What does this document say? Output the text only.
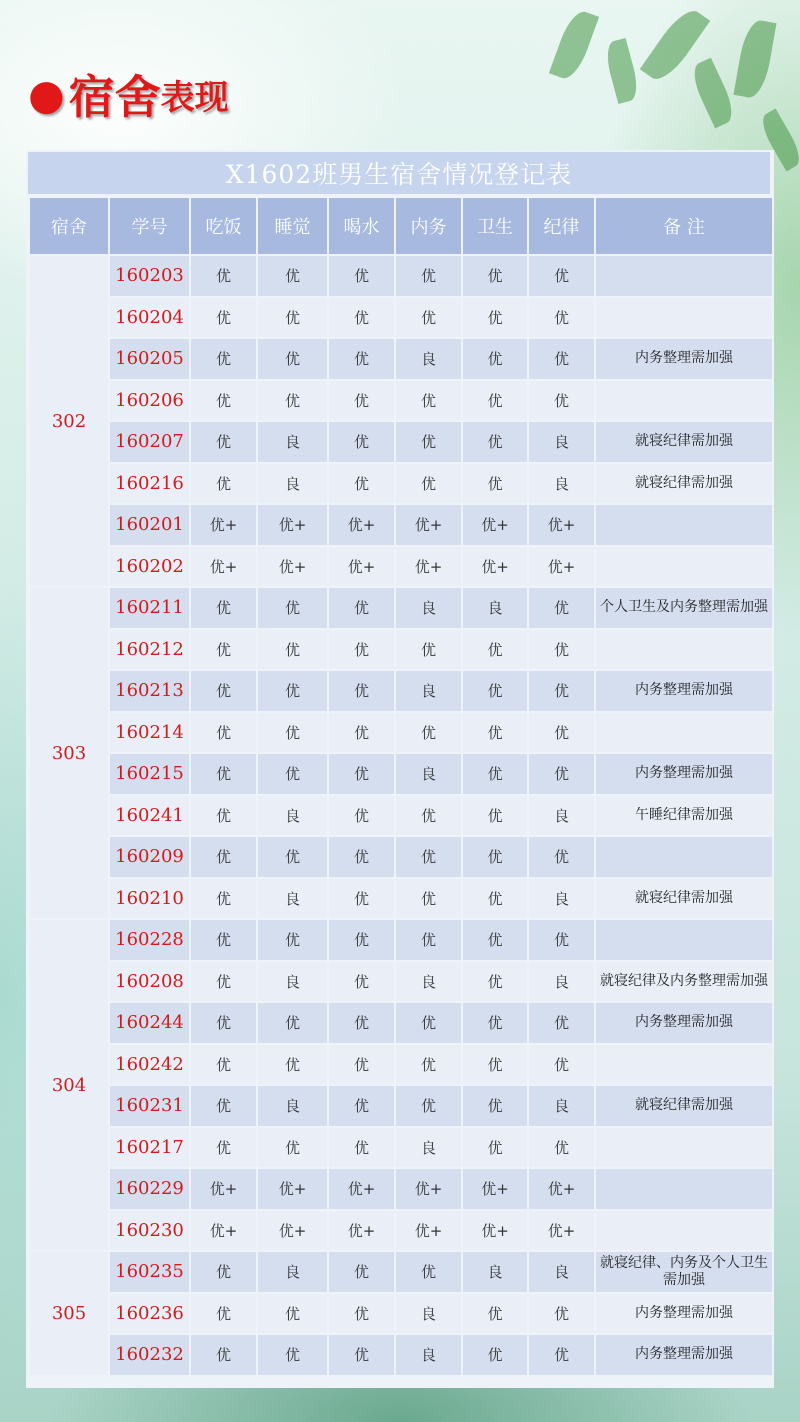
● 宿舍 表现
X1602班男生宿舍情况登记表
宿舍	学号	吃饭	睡觉	喝水	内务	卫生	纪律	备 注
302	160203	优	优	优	优	优	优	
	160204	优	优	优	优	优	优	
	160205	优	优	优	良	优	优	内务整理需加强
	160206	优	优	优	优	优	优	
	160207	优	良	优	优	优	良	就寝纪律需加强
	160216	优	良	优	优	优	良	就寝纪律需加强
	160201	优+	优+	优+	优+	优+	优+	
	160202	优+	优+	优+	优+	优+	优+	
303	160211	优	优	优	良	良	优	个人卫生及内务整理需加强
	160212	优	优	优	优	优	优	
	160213	优	优	优	良	优	优	内务整理需加强
	160214	优	优	优	优	优	优	
	160215	优	优	优	良	优	优	内务整理需加强
	160241	优	良	优	优	优	良	午睡纪律需加强
	160209	优	优	优	优	优	优	
	160210	优	良	优	优	优	良	就寝纪律需加强
304	160228	优	优	优	优	优	优	
	160208	优	良	优	良	优	良	就寝纪律及内务整理需加强
	160244	优	优	优	优	优	优	内务整理需加强
	160242	优	优	优	优	优	优	
	160231	优	良	优	优	优	良	就寝纪律需加强
	160217	优	优	优	良	优	优	
	160229	优+	优+	优+	优+	优+	优+	
	160230	优+	优+	优+	优+	优+	优+	
305	160235	优	良	优	优	良	良	就寝纪律、内务及个人卫生需加强
	160236	优	优	优	良	优	优	内务整理需加强
	160232	优	优	优	良	优	优	内务整理需加强
